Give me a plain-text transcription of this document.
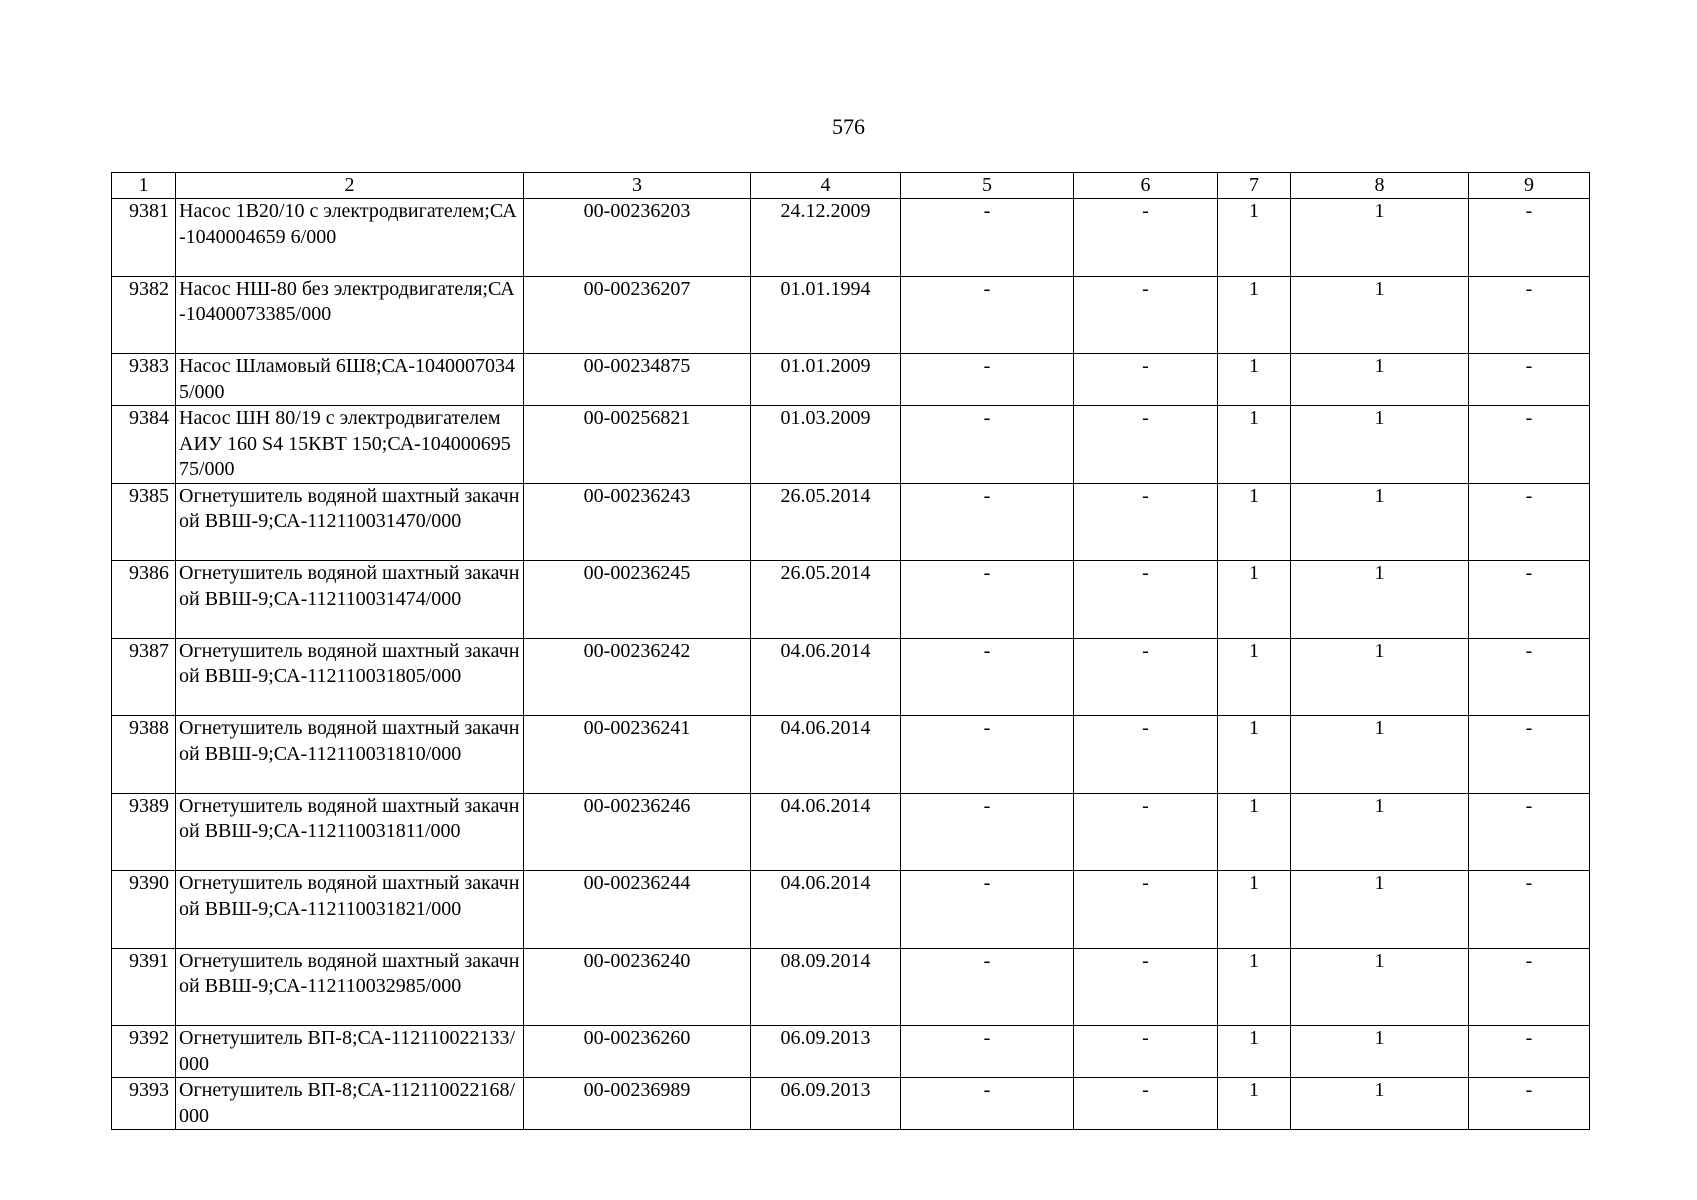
576
1	2	3	4	5	6	7	8	9
9381	Насос 1В20/10 с электродвигателем;СА-1040004659 6/000	00-00236203	24.12.2009	-	-	1	1	-
9382	Насос НШ-80 без электродвигателя;СА-10400073385/000	00-00236207	01.01.1994	-	-	1	1	-
9383	Насос Шламовый 6Ш8;СА-10400070345/000	00-00234875	01.01.2009	-	-	1	1	-
9384	Насос ШН 80/19 с электродвигателем АИУ 160 S4 15КВТ 150;СА-10400069575/000	00-00256821	01.03.2009	-	-	1	1	-
9385	Огнетушитель водяной шахтный закачной ВВШ-9;СА-112110031470/000	00-00236243	26.05.2014	-	-	1	1	-
9386	Огнетушитель водяной шахтный закачной ВВШ-9;СА-112110031474/000	00-00236245	26.05.2014	-	-	1	1	-
9387	Огнетушитель водяной шахтный закачной ВВШ-9;СА-112110031805/000	00-00236242	04.06.2014	-	-	1	1	-
9388	Огнетушитель водяной шахтный закачной ВВШ-9;СА-112110031810/000	00-00236241	04.06.2014	-	-	1	1	-
9389	Огнетушитель водяной шахтный закачной ВВШ-9;СА-112110031811/000	00-00236246	04.06.2014	-	-	1	1	-
9390	Огнетушитель водяной шахтный закачной ВВШ-9;СА-112110031821/000	00-00236244	04.06.2014	-	-	1	1	-
9391	Огнетушитель водяной шахтный закачной ВВШ-9;СА-112110032985/000	00-00236240	08.09.2014	-	-	1	1	-
9392	Огнетушитель ВП-8;СА-112110022133/000	00-00236260	06.09.2013	-	-	1	1	-
9393	Огнетушитель ВП-8;СА-112110022168/000	00-00236989	06.09.2013	-	-	1	1	-
